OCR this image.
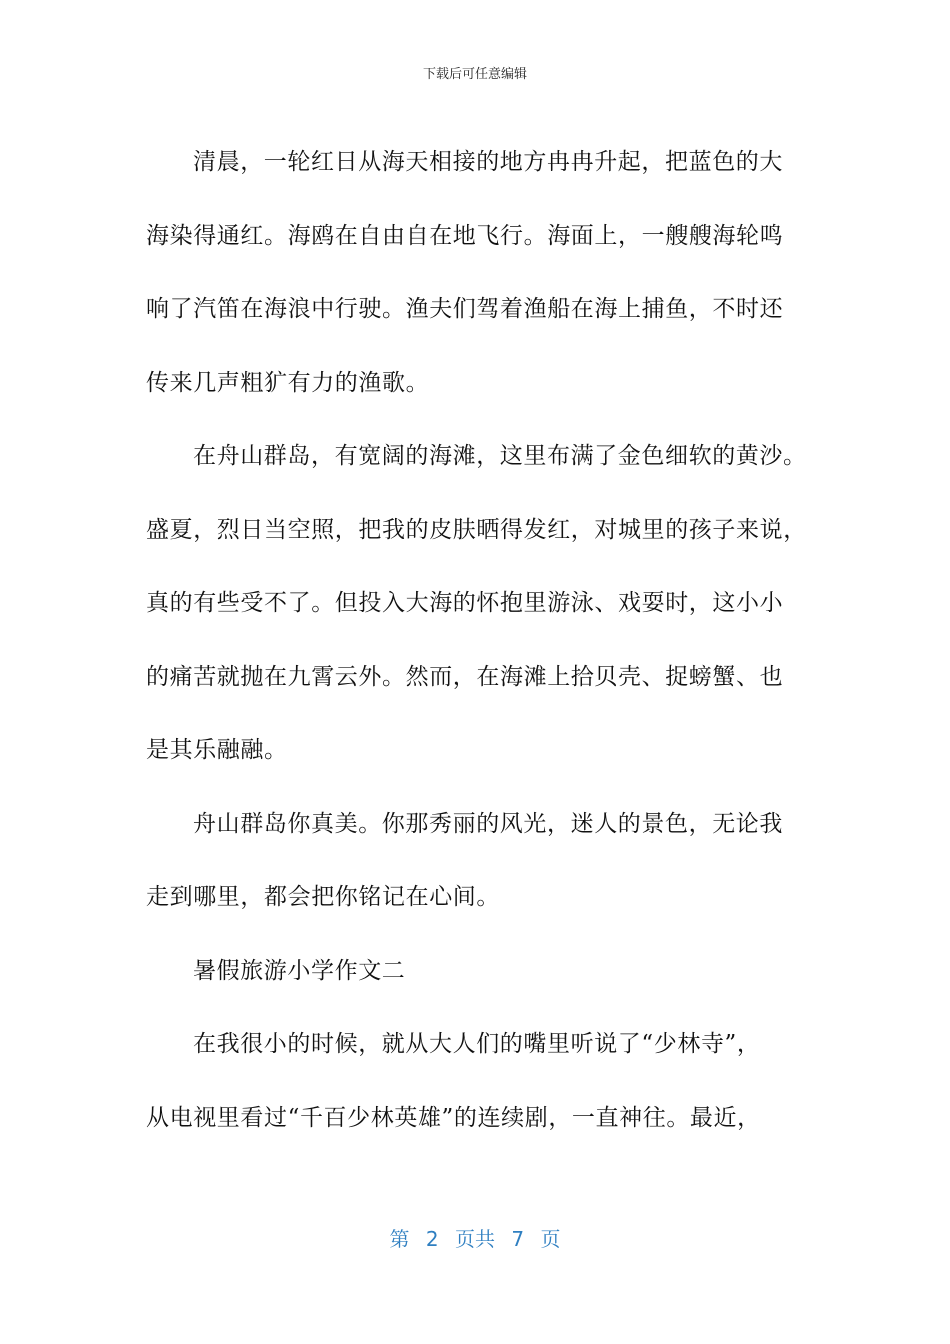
下载后可任意编辑
清晨，一轮红日从海天相接的地方冉冉升起，把蓝色的大
海染得通红。海鸥在自由自在地飞行。海面上，一艘艘海轮鸣
响了汽笛在海浪中行驶。渔夫们驾着渔船在海上捕鱼，不时还
传来几声粗犷有力的渔歌。
在舟山群岛，有宽阔的海滩，这里布满了金色细软的黄沙。
盛夏，烈日当空照，把我的皮肤晒得发红，对城里的孩子来说，
真的有些受不了。但投入大海的怀抱里游泳、戏耍时，这小小
的痛苦就抛在九霄云外。然而，在海滩上拾贝壳、捉螃蟹、也
是其乐融融。
舟山群岛你真美。你那秀丽的风光，迷人的景色，无论我
走到哪里，都会把你铭记在心间。
暑假旅游小学作文二
在我很小的时候，就从大人们的嘴里听说了“少林寺”，
从电视里看过“千百少林英雄”的连续剧，一直神往。最近，
第 2 页共 7 页
